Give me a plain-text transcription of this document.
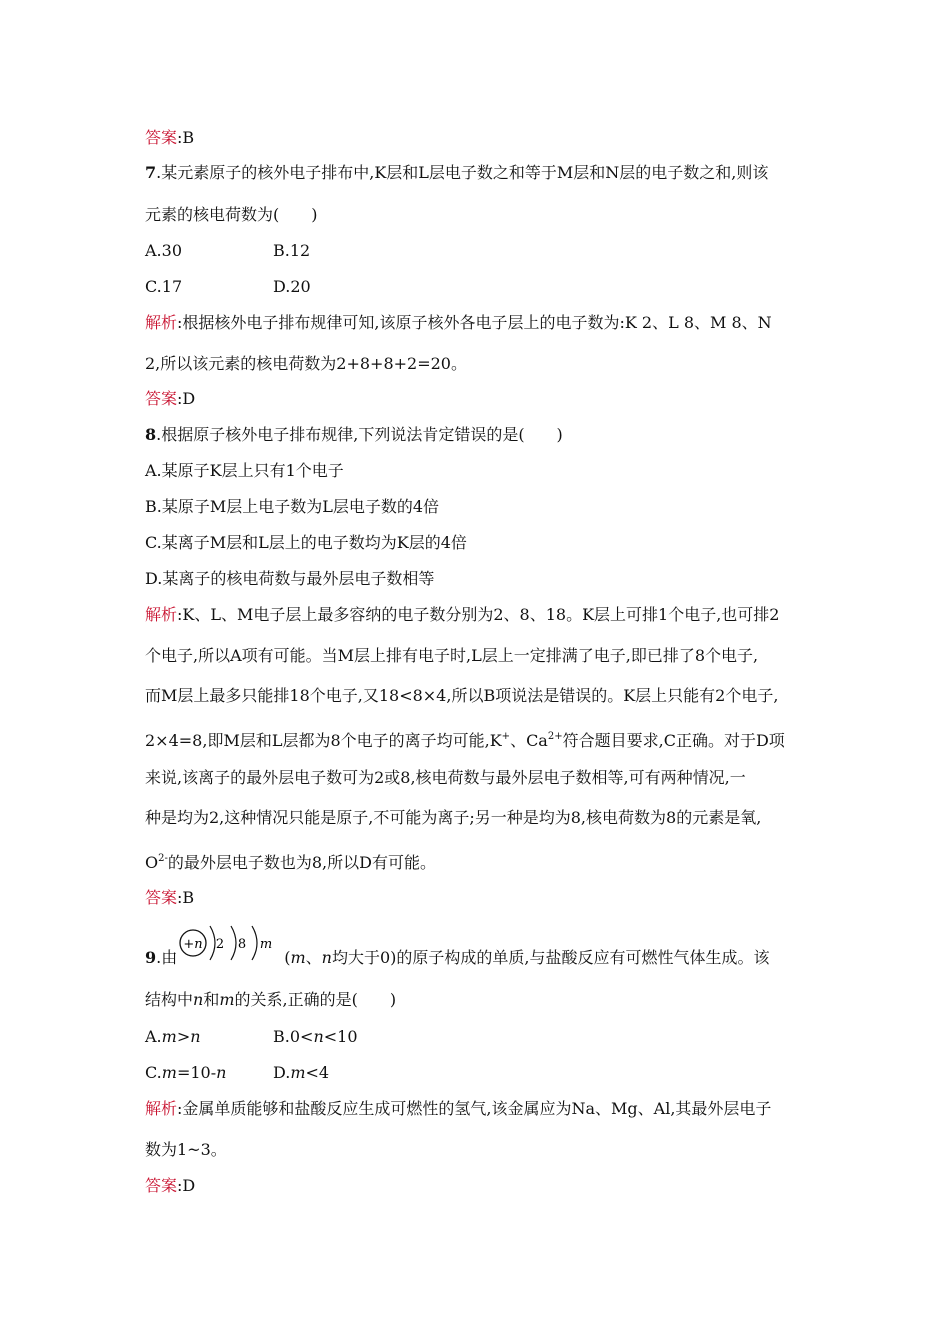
答案:B
7.某元素原子的核外电子排布中,K层和L层电子数之和等于M层和N层的电子数之和,则该
元素的核电荷数为(　　)
A.30	B.12
C.17	D.20
解析:根据核外电子排布规律可知,该原子核外各电子层上的电子数为:K 2、L 8、M 8、N
2,所以该元素的核电荷数为2+8+8+2=20。
答案:D
8.根据原子核外电子排布规律,下列说法肯定错误的是(　　)
A.某原子K层上只有1个电子
B.某原子M层上电子数为L层电子数的4倍
C.某离子M层和L层上的电子数均为K层的4倍
D.某离子的核电荷数与最外层电子数相等
解析:K、L、M电子层上最多容纳的电子数分别为2、8、18。K层上可排1个电子,也可排2
个电子,所以A项有可能。当M层上排有电子时,L层上一定排满了电子,即已排了8个电子,
而M层上最多只能排18个电子,又18<8×4,所以B项说法是错误的。K层上只能有2个电子,
2×4=8,即M层和L层都为8个电子的离子均可能,K+、$Ca^{2+}$符合题目要求,C正确。对于D项
来说,该离子的最外层电子数可为2或8,核电荷数与最外层电子数相等,可有两种情况,一
种是均为2,这种情况只能是原子,不可能为离子;另一种是均为8,核电荷数为8的元素是氧,
$O^{2-}$的最外层电子数也为8,所以D有可能。
答案:B
+n 2 8 m
9.由	(m、n均大于0)的原子构成的单质,与盐酸反应有可燃性气体生成。该
结构中n和m的关系,正确的是(　　)
A.m>n	B.0<n<10
C.m=10-n	D.m<4
解析:金属单质能够和盐酸反应生成可燃性的氢气,该金属应为Na、Mg、Al,其最外层电子
数为1~3。
答案:D
